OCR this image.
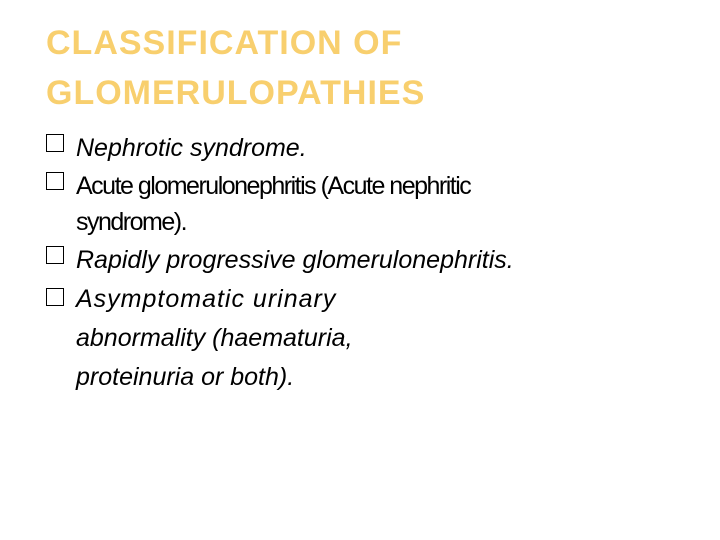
CLASSIFICATION OF
GLOMERULOPATHIES
Nephrotic syndrome.
Acute glomerulonephritis (Acute nephritic
syndrome).
Rapidly progressive glomerulonephritis.
Asymptomatic urinary
abnormality (haematuria,
proteinuria or both).
